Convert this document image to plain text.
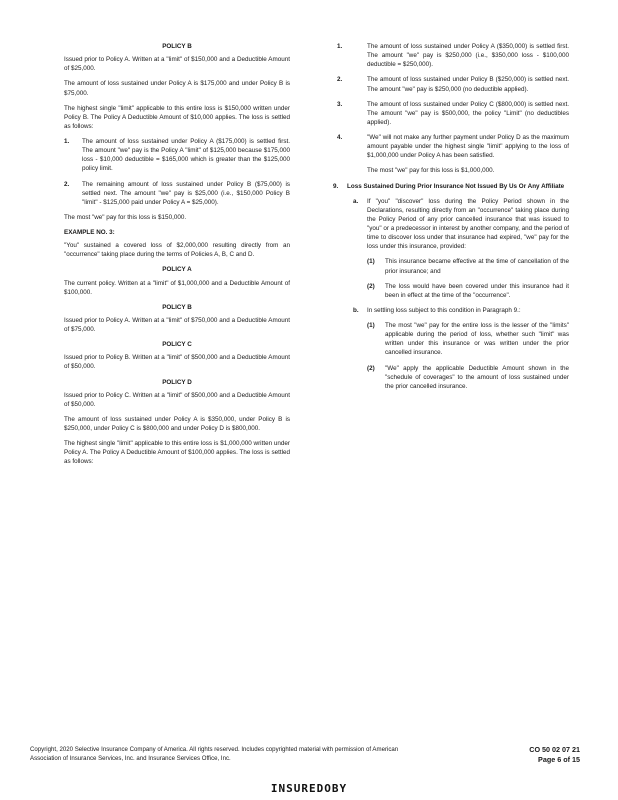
POLICY B

Issued prior to Policy A. Written at a "limit" of $150,000 and a Deductible Amount of $25,000.

The amount of loss sustained under Policy A is $175,000 and under Policy B is $75,000.

The highest single "limit" applicable to this entire loss is $150,000 written under Policy B. The Policy A Deductible Amount of $10,000 applies. The loss is settled as follows:

1.	The amount of loss sustained under Policy A ($175,000) is settled first. The amount "we" pay is the Policy A "limit" of $125,000 because $175,000 loss - $10,000 deductible = $165,000 which is greater than the $125,000 policy limit.
2.	The remaining amount of loss sustained under Policy B ($75,000) is settled next. The amount "we" pay is $25,000 (i.e., $150,000 Policy B "limit" - $125,000 paid under Policy A = $25,000).

The most "we" pay for this loss is $150,000.

EXAMPLE NO. 3:

"You" sustained a covered loss of $2,000,000 resulting directly from an "occurrence" taking place during the terms of Policies A, B, C and D.

POLICY A

The current policy. Written at a "limit" of $1,000,000 and a Deductible Amount of $100,000.

POLICY B

Issued prior to Policy A. Written at a "limit" of $750,000 and a Deductible Amount of $75,000.

POLICY C

Issued prior to Policy B. Written at a "limit" of $500,000 and a Deductible Amount of $50,000.

POLICY D

Issued prior to Policy C. Written at a "limit" of $500,000 and a Deductible Amount of $50,000.

The amount of loss sustained under Policy A is $350,000, under Policy B is $250,000, under Policy C is $800,000 and under Policy D is $800,000.

The highest single "limit" applicable to this entire loss is $1,000,000 written under Policy A. The Policy A Deductible Amount of $100,000 applies. The loss is settled as follows:

1.	The amount of loss sustained under Policy A ($350,000) is settled first. The amount "we" pay is $250,000 (i.e., $350,000 loss - $100,000 deductible = $250,000).
2.	The amount of loss sustained under Policy B ($250,000) is settled next. The amount "we" pay is $250,000 (no deductible applied).
3.	The amount of loss sustained under Policy C ($800,000) is settled next. The amount "we" pay is $500,000, the policy "Limit" (no deductibles applied).
4.	"We" will not make any further payment under Policy D as the maximum amount payable under the highest single "limit" applying to the loss of $1,000,000 under Policy A has been satisfied.

The most "we" pay for this loss is $1,000,000.

9.	Loss Sustained During Prior Insurance Not Issued By Us Or Any Affiliate
a.	If "you" "discover" loss during the Policy Period shown in the Declarations, resulting directly from an "occurrence" taking place during the Policy Period of any prior cancelled insurance that was issued to "you" or a predecessor in interest by another company, and the period of time to discover loss under that insurance had expired, "we" pay for the loss under this insurance, provided:
(1)	This insurance became effective at the time of cancellation of the prior insurance; and
(2)	The loss would have been covered under this insurance had it been in effect at the time of the "occurrence".
b.	In settling loss subject to this condition in Paragraph 9.:
(1)	The most "we" pay for the entire loss is the lesser of the "limits" applicable during the period of loss, whether such "limit" was written under this insurance or was written under the prior cancelled insurance.
(2)	"We" apply the applicable Deductible Amount shown in the "schedule of coverages" to the amount of loss sustained under the prior cancelled insurance.
Copyright, 2020 Selective Insurance Company of America. All rights reserved. Includes copyrighted material with permission of American Association of Insurance Services, Inc. and Insurance Services Office, Inc.
CO 50 02 07 21
Page 6 of 15
INSUREDOBY
